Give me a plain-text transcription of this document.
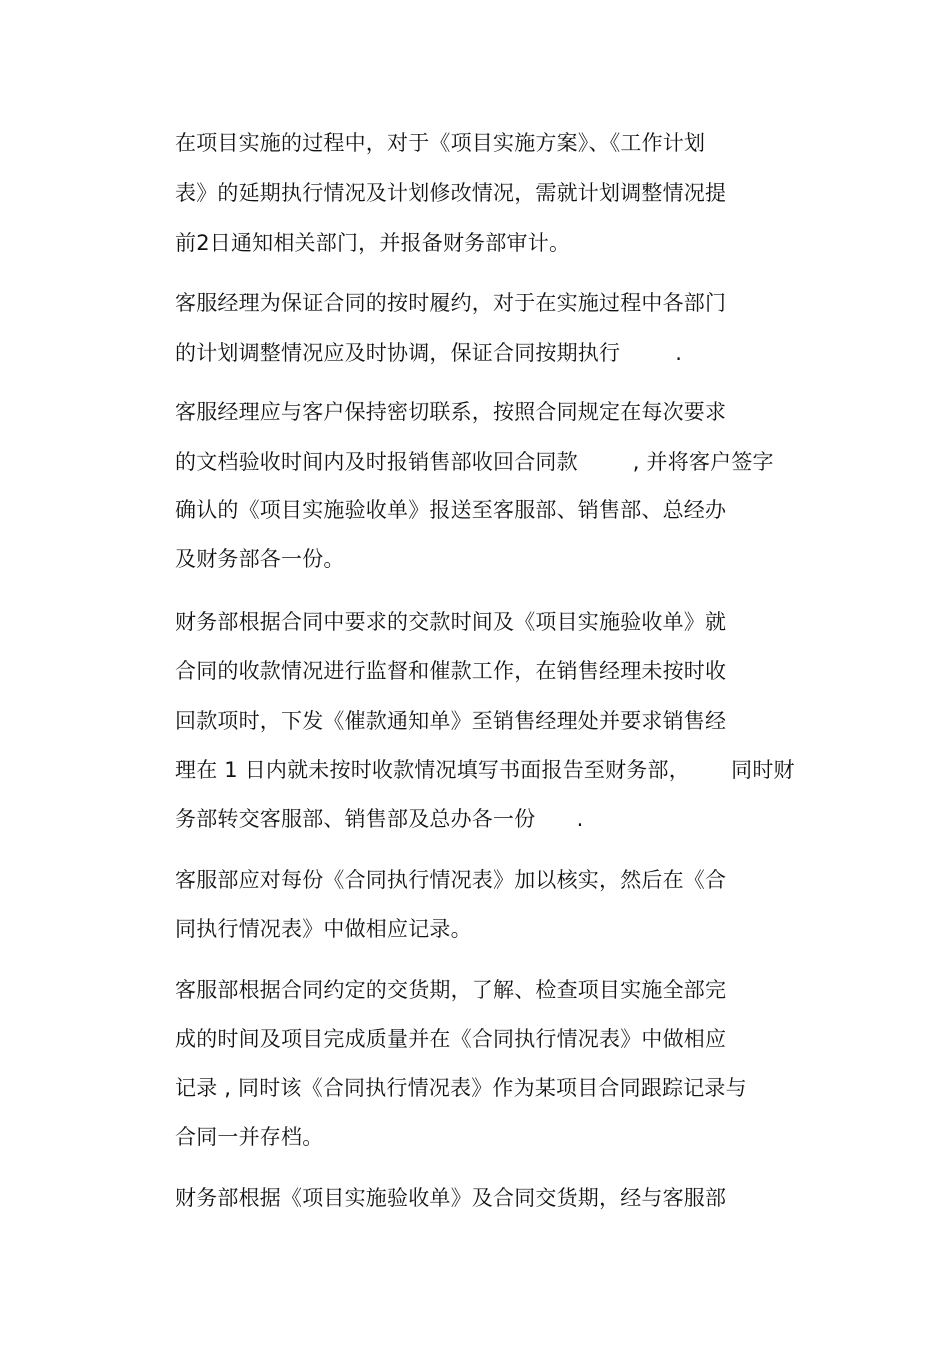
在项目实施的过程中，对于《项目实施方案》、《工作计划
表》的延期执行情况及计划修改情况，需就计划调整情况提
前2日通知相关部门，并报备财务部审计。
客服经理为保证合同的按时履约，对于在实施过程中各部门
的计划调整情况应及时协调，保证合同按期执行        .
客服经理应与客户保持密切联系，按照合同规定在每次要求
的文档验收时间内及时报销售部收回合同款        , 并将客户签字
确认的《项目实施验收单》报送至客服部、销售部、总经办
及财务部各一份。
财务部根据合同中要求的交款时间及《项目实施验收单》就
合同的收款情况进行监督和催款工作，在销售经理未按时收
回款项时，下发《催款通知单》至销售经理处并要求销售经
理在 1 日内就未按时收款情况填写书面报告至财务部，      同时财
务部转交客服部、销售部及总办各一份      .
客服部应对每份《合同执行情况表》加以核实，然后在《合
同执行情况表》中做相应记录。
客服部根据合同约定的交货期，了解、检查项目实施全部完
成的时间及项目完成质量并在《合同执行情况表》中做相应
记录 , 同时该《合同执行情况表》作为某项目合同跟踪记录与
合同一并存档。
财务部根据《项目实施验收单》及合同交货期，经与客服部
